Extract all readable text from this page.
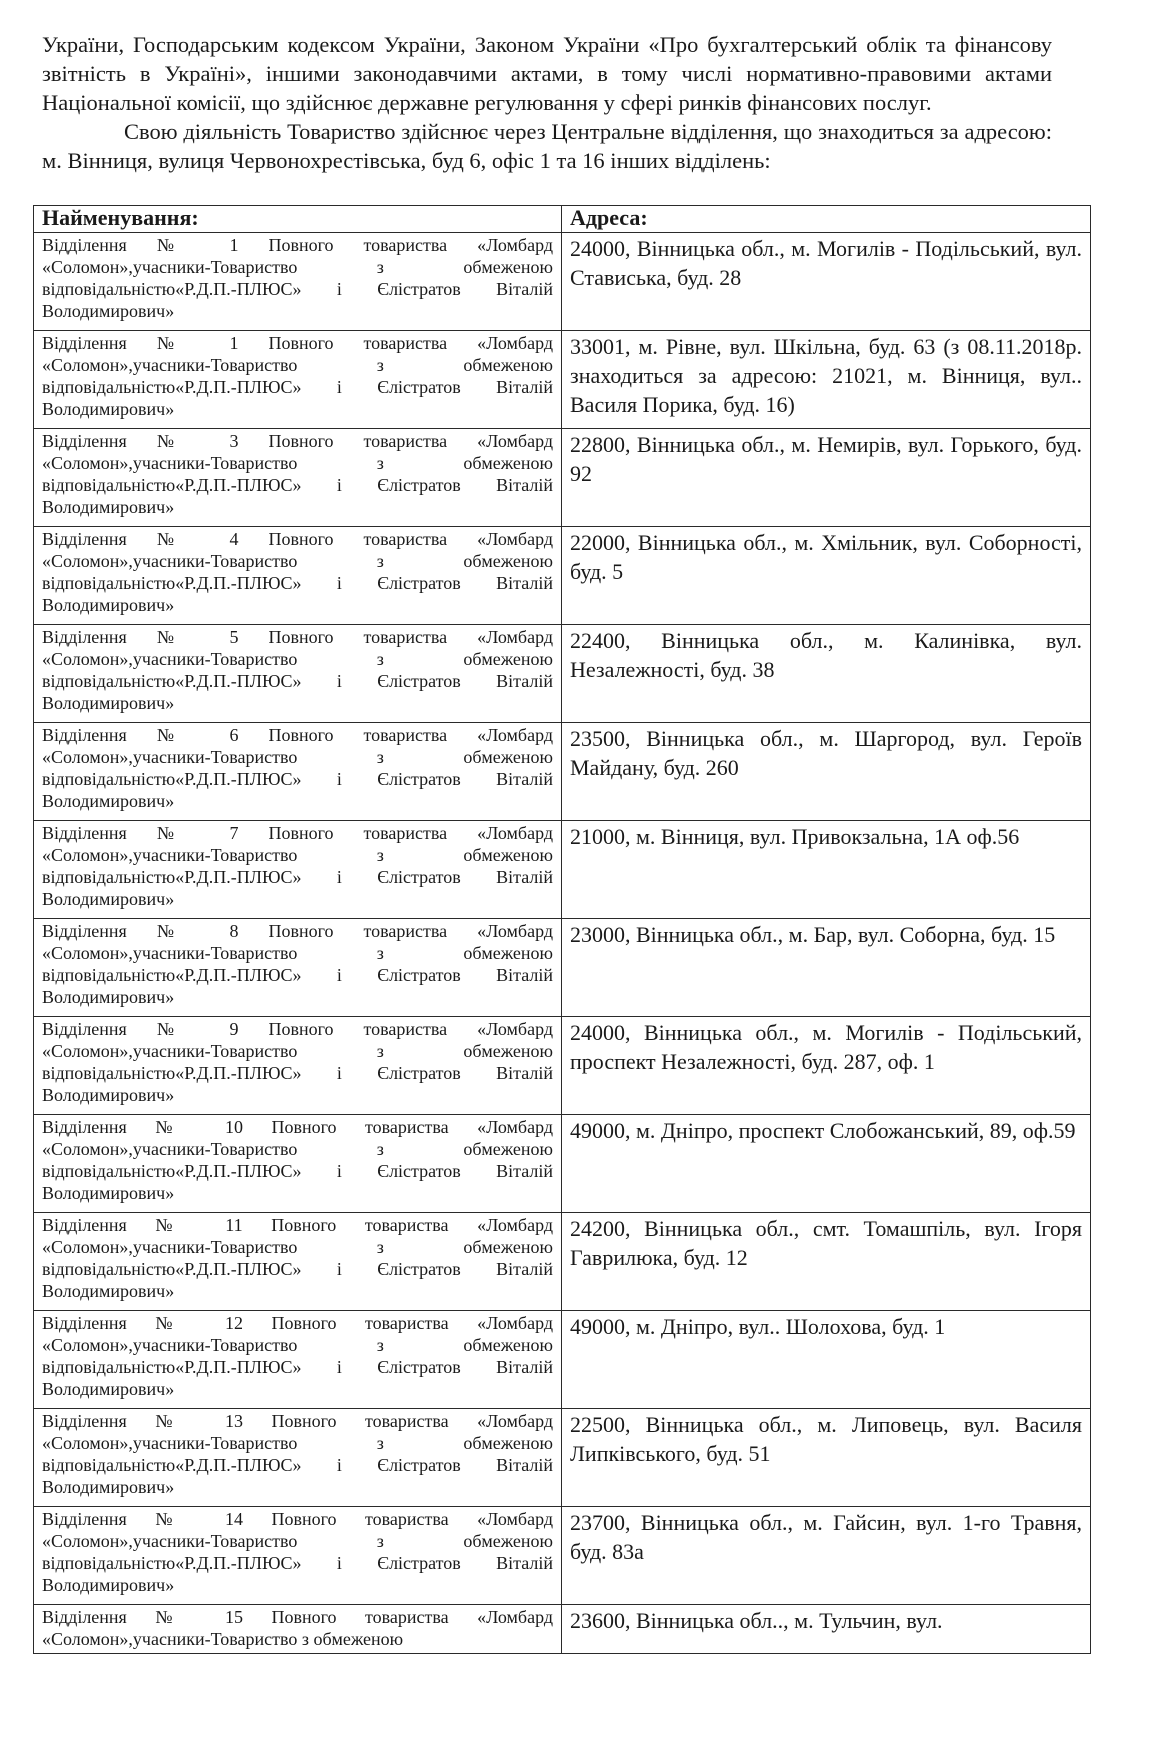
України, Господарським кодексом України, Законом України «Про бухгалтерський облік та фінансову звітність в Україні», іншими законодавчими актами, в тому числі нормативно-правовими актами Національної комісії, що здійснює державне регулювання у сфері ринків фінансових послуг.

Свою діяльність Товариство здійснює через Центральне відділення, що знаходиться за адресою: м. Вінниця, вулиця Червонохрестівська, буд 6, офіс 1 та 16 інших відділень:

Найменування:	Адреса:
Відділення № 1 Повного товариства «Ломбард «Соломон»,учасники-Товариство з обмеженою відповідальністю«Р.Д.П.-ПЛЮС» і Єлістратов Віталій Володимирович»	24000, Вінницька обл., м. Могилів - Подільський, вул. Стависька, буд. 28
Відділення № 1 Повного товариства «Ломбард «Соломон»,учасники-Товариство з обмеженою відповідальністю«Р.Д.П.-ПЛЮС» і Єлістратов Віталій Володимирович»	33001, м. Рівне, вул. Шкільна, буд. 63 (з 08.11.2018р. знаходиться за адресою: 21021, м. Вінниця, вул.. Василя Порика, буд. 16)
Відділення № 3 Повного товариства «Ломбард «Соломон»,учасники-Товариство з обмеженою відповідальністю«Р.Д.П.-ПЛЮС» і Єлістратов Віталій Володимирович»	22800, Вінницька обл., м. Немирів, вул. Горького, буд. 92
Відділення № 4 Повного товариства «Ломбард «Соломон»,учасники-Товариство з обмеженою відповідальністю«Р.Д.П.-ПЛЮС» і Єлістратов Віталій Володимирович»	22000, Вінницька обл., м. Хмільник, вул. Соборності, буд. 5
Відділення № 5 Повного товариства «Ломбард «Соломон»,учасники-Товариство з обмеженою відповідальністю«Р.Д.П.-ПЛЮС» і Єлістратов Віталій Володимирович»	22400, Вінницька обл., м. Калинівка, вул. Незалежності, буд. 38
Відділення № 6 Повного товариства «Ломбард «Соломон»,учасники-Товариство з обмеженою відповідальністю«Р.Д.П.-ПЛЮС» і Єлістратов Віталій Володимирович»	23500, Вінницька обл., м. Шаргород, вул. Героїв Майдану, буд. 260
Відділення № 7 Повного товариства «Ломбард «Соломон»,учасники-Товариство з обмеженою відповідальністю«Р.Д.П.-ПЛЮС» і Єлістратов Віталій Володимирович»	21000, м. Вінниця, вул. Привокзальна, 1А оф.56
Відділення № 8 Повного товариства «Ломбард «Соломон»,учасники-Товариство з обмеженою відповідальністю«Р.Д.П.-ПЛЮС» і Єлістратов Віталій Володимирович»	23000, Вінницька обл., м. Бар, вул. Соборна, буд. 15
Відділення № 9 Повного товариства «Ломбард «Соломон»,учасники-Товариство з обмеженою відповідальністю«Р.Д.П.-ПЛЮС» і Єлістратов Віталій Володимирович»	24000, Вінницька обл., м. Могилів - Подільський, проспект Незалежності, буд. 287, оф. 1
Відділення № 10 Повного товариства «Ломбард «Соломон»,учасники-Товариство з обмеженою відповідальністю«Р.Д.П.-ПЛЮС» і Єлістратов Віталій Володимирович»	49000, м. Дніпро, проспект Слобожанський, 89, оф.59
Відділення № 11 Повного товариства «Ломбард «Соломон»,учасники-Товариство з обмеженою відповідальністю«Р.Д.П.-ПЛЮС» і Єлістратов Віталій Володимирович»	24200, Вінницька обл., смт. Томашпіль, вул. Ігоря Гаврилюка, буд. 12
Відділення № 12 Повного товариства «Ломбард «Соломон»,учасники-Товариство з обмеженою відповідальністю«Р.Д.П.-ПЛЮС» і Єлістратов Віталій Володимирович»	49000, м. Дніпро, вул.. Шолохова, буд. 1
Відділення № 13 Повного товариства «Ломбард «Соломон»,учасники-Товариство з обмеженою відповідальністю«Р.Д.П.-ПЛЮС» і Єлістратов Віталій Володимирович»	22500, Вінницька обл., м. Липовець, вул. Василя Липківського, буд. 51
Відділення № 14 Повного товариства «Ломбард «Соломон»,учасники-Товариство з обмеженою відповідальністю«Р.Д.П.-ПЛЮС» і Єлістратов Віталій Володимирович»	23700, Вінницька обл., м. Гайсин, вул. 1-го Травня, буд. 83а
Відділення № 15 Повного товариства «Ломбард «Соломон»,учасники-Товариство з обмеженою	23600, Вінницька обл.., м. Тульчин, вул.
